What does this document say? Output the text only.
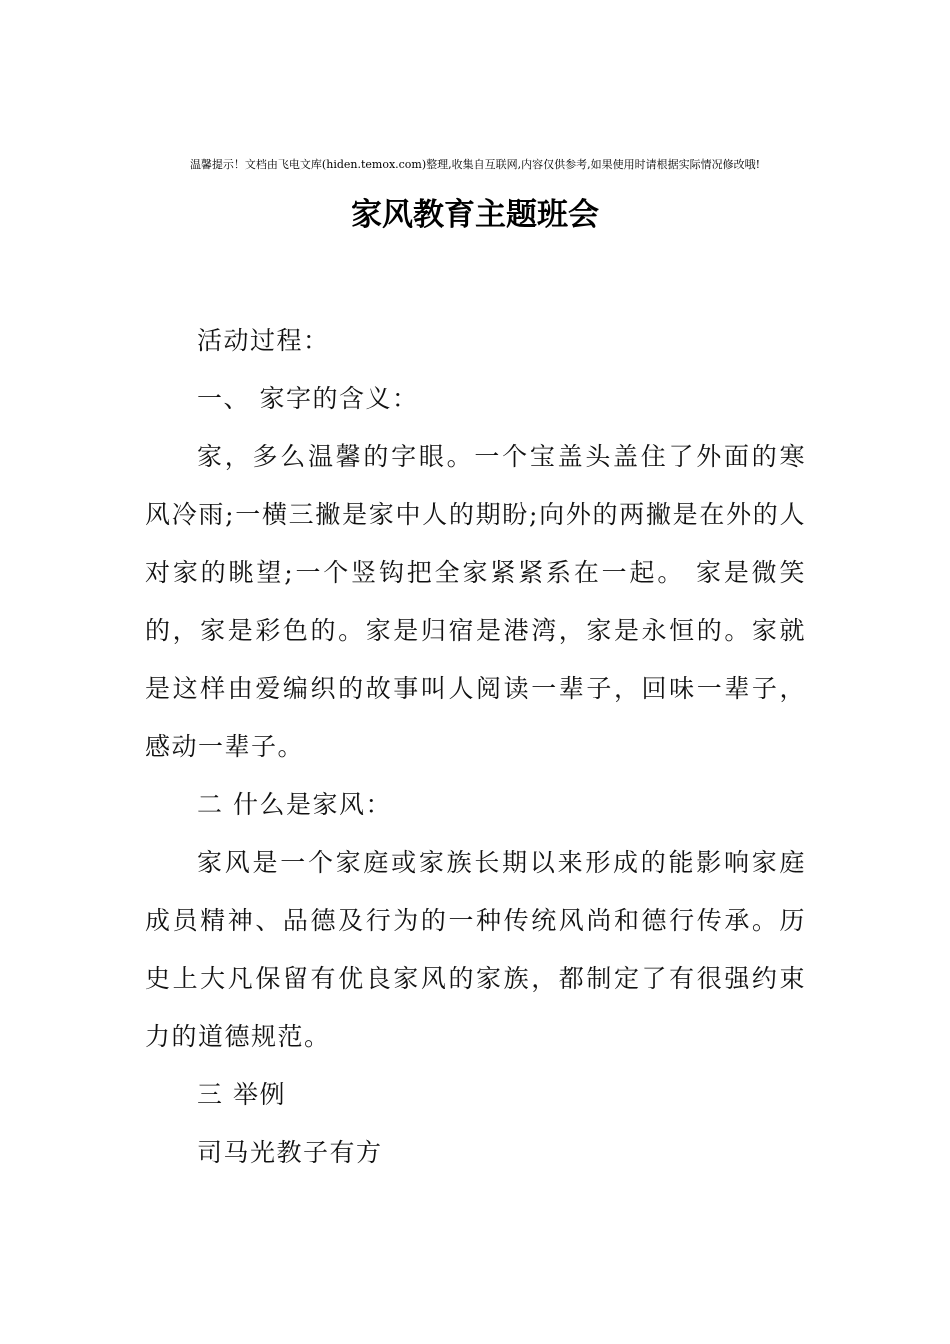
温馨提示！文档由飞电文库(hiden.temox.com)整理,收集自互联网,内容仅供参考,如果使用时请根据实际情况修改哦!
家风教育主题班会

活动过程：

一、 家字的含义：

家，多么温馨的字眼。一个宝盖头盖住了外面的寒风冷雨;一横三撇是家中人的期盼;向外的两撇是在外的人对家的眺望;一个竖钩把全家紧紧系在一起。 家是微笑的，家是彩色的。家是归宿是港湾，家是永恒的。家就是这样由爱编织的故事叫人阅读一辈子，回味一辈子，感动一辈子。

二 什么是家风：

家风是一个家庭或家族长期以来形成的能影响家庭成员精神、品德及行为的一种传统风尚和德行传承。历史上大凡保留有优良家风的家族，都制定了有很强约束力的道德规范。

三 举例

司马光教子有方
